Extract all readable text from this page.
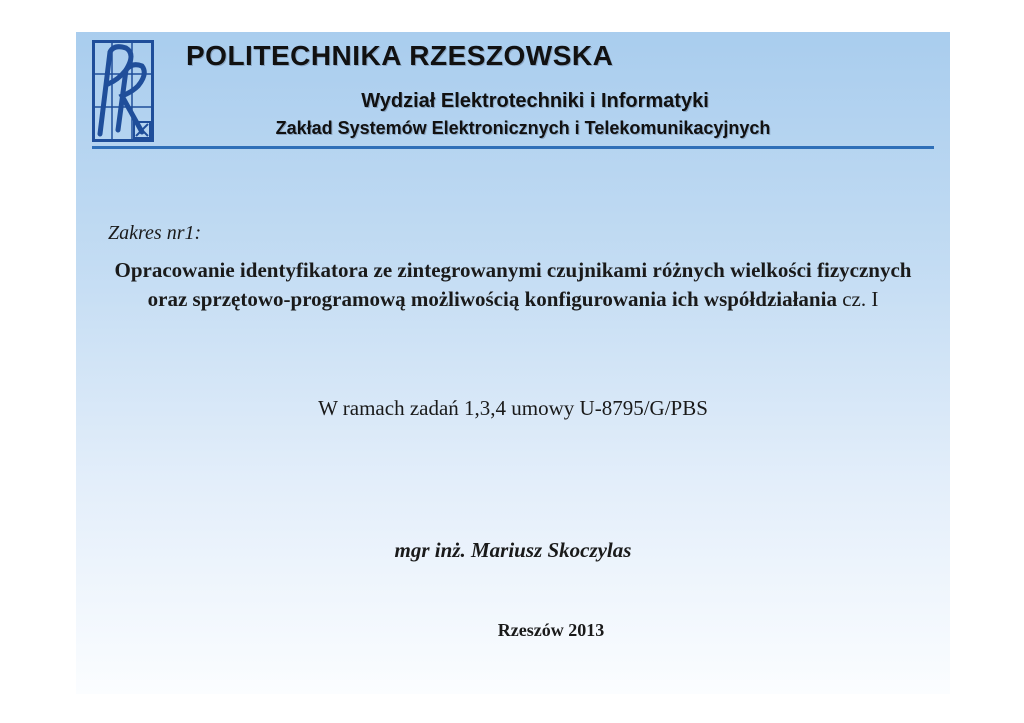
POLITECHNIKA RZESZOWSKA
Wydział Elektrotechniki i Informatyki
Zakład Systemów Elektronicznych i Telekomunikacyjnych
Zakres nr1:
Opracowanie identyfikatora ze zintegrowanymi czujnikami różnych wielkości fizycznych oraz sprzętowo-programową możliwością konfigurowania ich współdziałania cz. I
W ramach zadań 1,3,4 umowy U-8795/G/PBS
mgr inż. Mariusz Skoczylas
Rzeszów 2013
